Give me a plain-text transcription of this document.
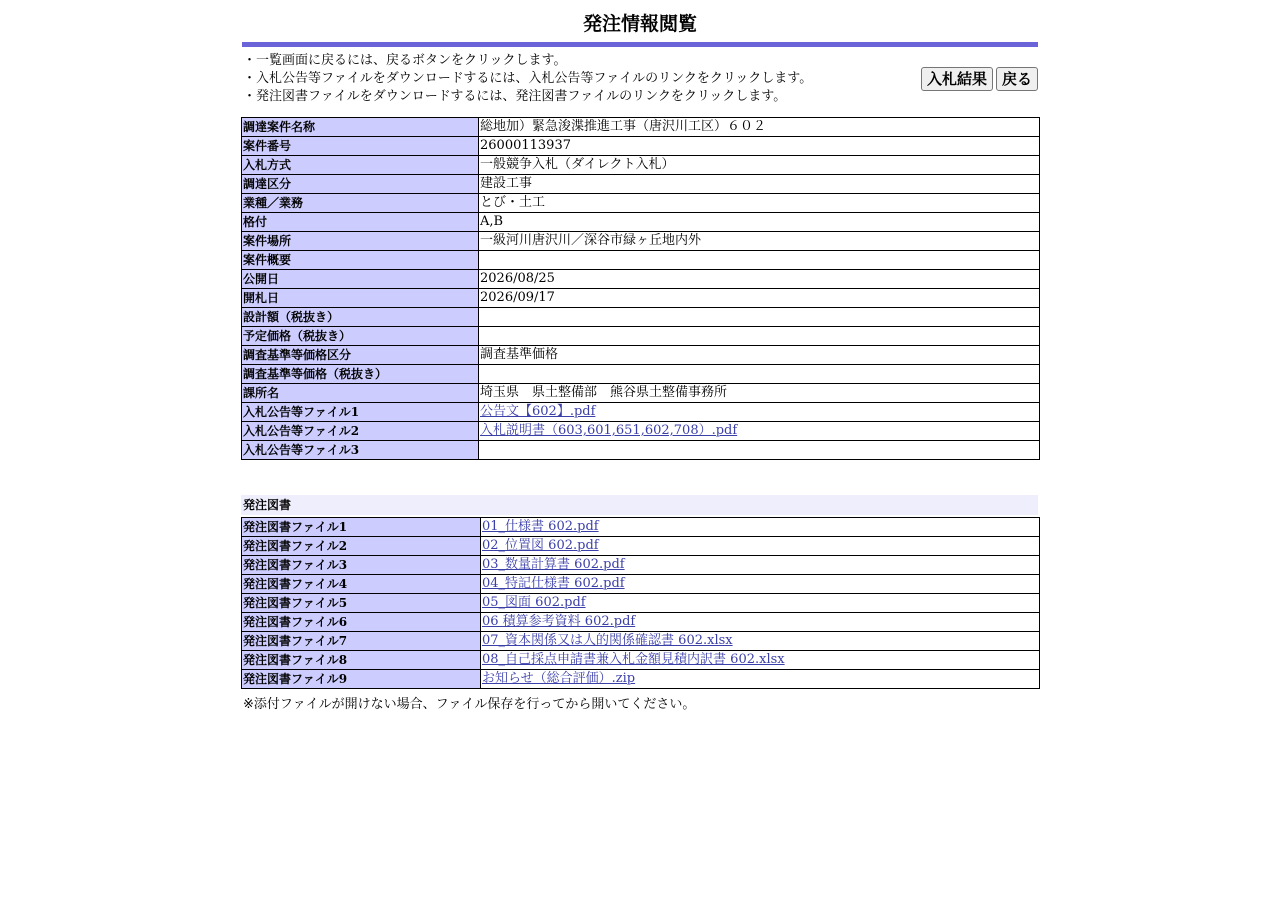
発注情報閲覧
・一覧画面に戻るには、戻るボタンをクリックします。
・入札公告等ファイルをダウンロードするには、入札公告等ファイルのリンクをクリックします。
・発注図書ファイルをダウンロードするには、発注図書ファイルのリンクをクリックします。
入札結果	戻る
調達案件名称	総地加）緊急浚渫推進工事（唐沢川工区）６０２
案件番号	26000113937
入札方式	一般競争入札（ダイレクト入札）
調達区分	建設工事
業種／業務	とび・土工
格付	A,B
案件場所	一級河川唐沢川／深谷市緑ヶ丘地内外
案件概要	
公開日	2026/08/25
開札日	2026/09/17
設計額（税抜き）	
予定価格（税抜き）	
調査基準等価格区分	調査基準価格
調査基準等価格（税抜き）	
課所名	埼玉県　県土整備部　熊谷県土整備事務所
入札公告等ファイル1	公告文【602】.pdf
入札公告等ファイル2	入札説明書（603,601,651,602,708）.pdf
入札公告等ファイル3	
発注図書
発注図書ファイル1	01_仕様書 602.pdf
発注図書ファイル2	02_位置図 602.pdf
発注図書ファイル3	03_数量計算書 602.pdf
発注図書ファイル4	04_特記仕様書 602.pdf
発注図書ファイル5	05_図面 602.pdf
発注図書ファイル6	06 積算参考資料 602.pdf
発注図書ファイル7	07_資本関係又は人的関係確認書 602.xlsx
発注図書ファイル8	08_自己採点申請書兼入札金額見積内訳書 602.xlsx
発注図書ファイル9	お知らせ（総合評価）.zip
※添付ファイルが開けない場合、ファイル保存を行ってから開いてください。
